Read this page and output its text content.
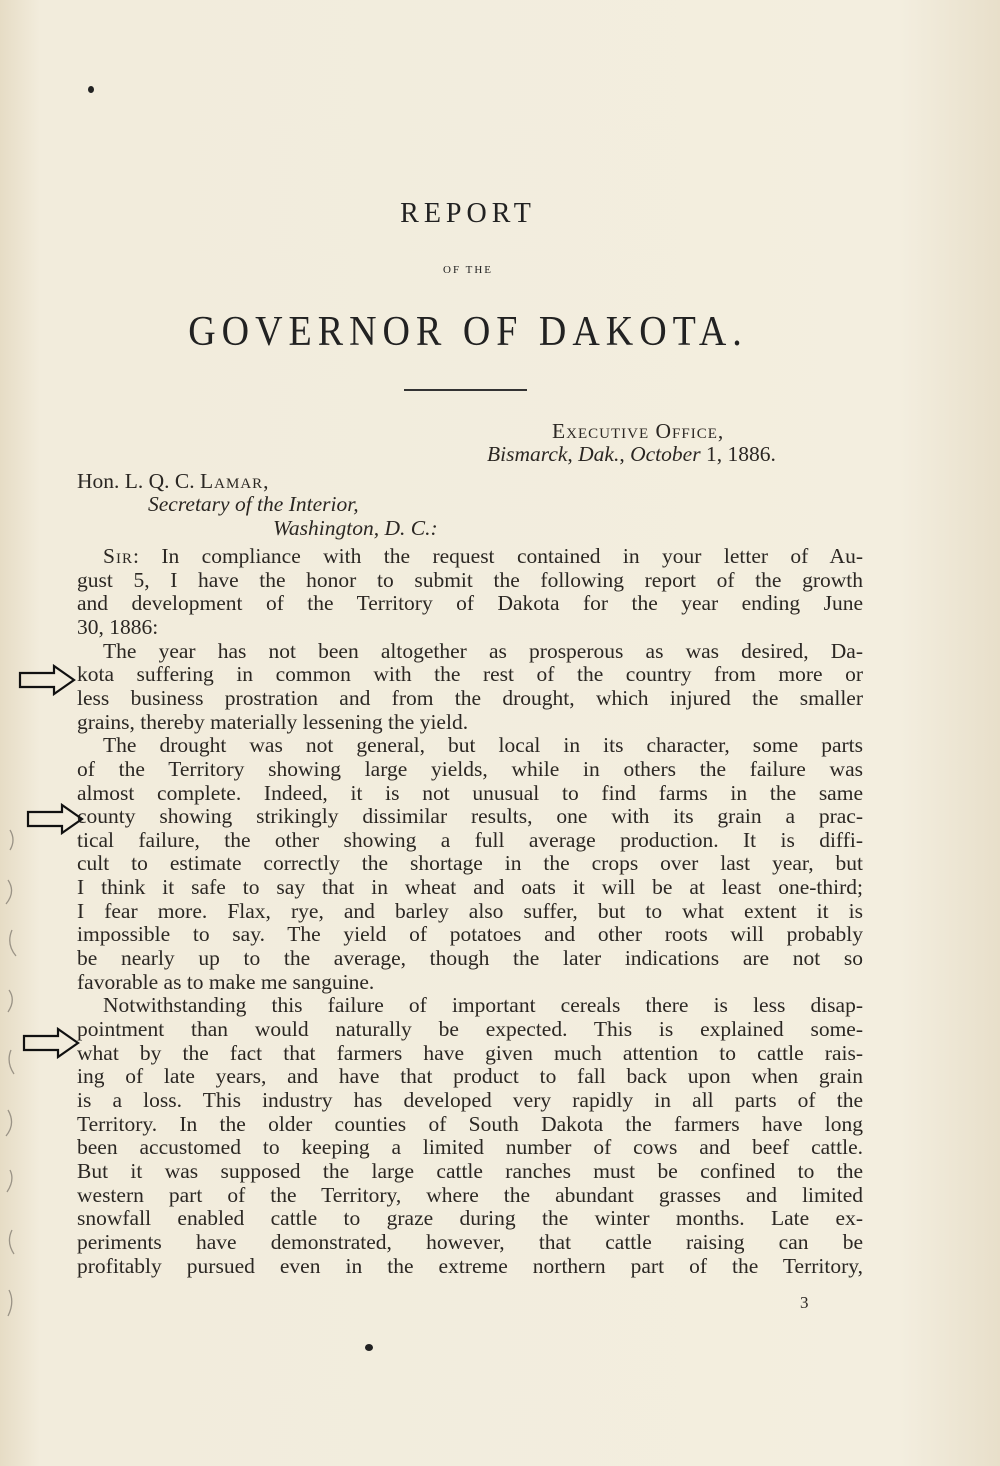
REPORT
OF THE
GOVERNOR OF DAKOTA.
Executive Office,
Bismarck, Dak., October 1, 1886.
Hon. L. Q. C. Lamar,
Secretary of the Interior,
Washington, D. C.:
Sir: In compliance with the request contained in your letter of Au-
gust 5, I have the honor to submit the following report of the growth
and development of the Territory of Dakota for the year ending June
30, 1886:
The year has not been altogether as prosperous as was desired, Da-
kota suffering in common with the rest of the country from more or
less business prostration and from the drought, which injured the smaller
grains, thereby materially lessening the yield.
The drought was not general, but local in its character, some parts
of the Territory showing large yields, while in others the failure was
almost complete. Indeed, it is not unusual to find farms in the same
county showing strikingly dissimilar results, one with its grain a prac-
tical failure, the other showing a full average production. It is diffi-
cult to estimate correctly the shortage in the crops over last year, but
I think it safe to say that in wheat and oats it will be at least one-third;
I fear more. Flax, rye, and barley also suffer, but to what extent it is
impossible to say. The yield of potatoes and other roots will probably
be nearly up to the average, though the later indications are not so
favorable as to make me sanguine.
Notwithstanding this failure of important cereals there is less disap-
pointment than would naturally be expected. This is explained some-
what by the fact that farmers have given much attention to cattle rais-
ing of late years, and have that product to fall back upon when grain
is a loss. This industry has developed very rapidly in all parts of the
Territory. In the older counties of South Dakota the farmers have long
been accustomed to keeping a limited number of cows and beef cattle.
But it was supposed the large cattle ranches must be confined to the
western part of the Territory, where the abundant grasses and limited
snowfall enabled cattle to graze during the winter months. Late ex-
periments have demonstrated, however, that cattle raising can be
profitably pursued even in the extreme northern part of the Territory,
3
